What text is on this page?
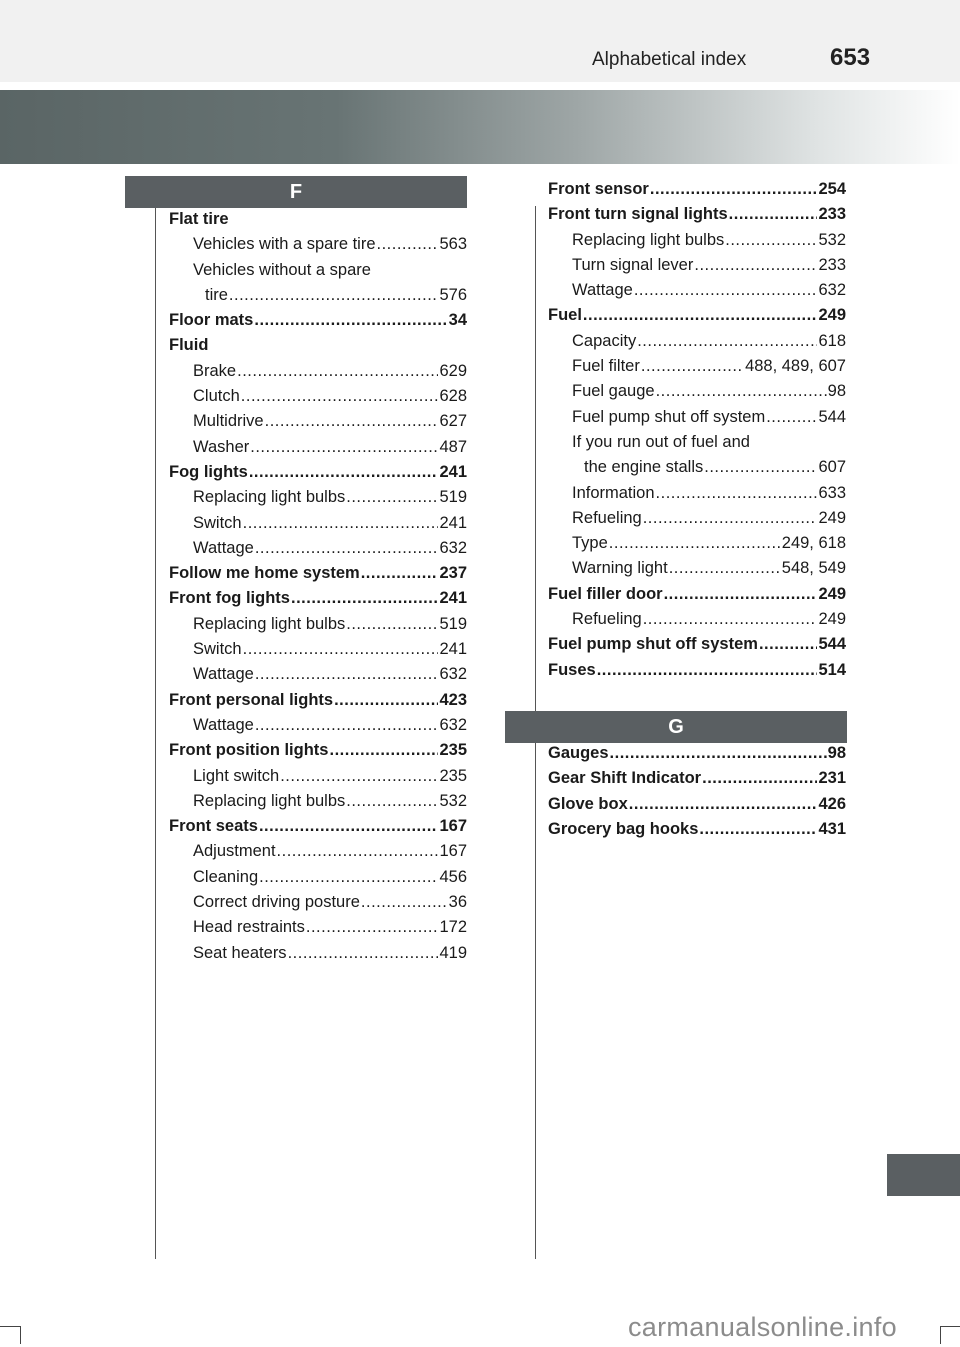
Alphabetical index	653
F
G
Flat tire
Vehicles with a spare tire .....	563
Vehicles without a spare
tire .....	576
Floor mats .....	34
Fluid
Brake .....	629
Clutch .....	628
Multidrive .....	627
Washer .....	487
Fog lights .....	241
Replacing light bulbs .....	519
Switch .....	241
Wattage .....	632
Follow me home system .....	237
Front fog lights .....	241
Replacing light bulbs .....	519
Switch .....	241
Wattage .....	632
Front personal lights .....	423
Wattage .....	632
Front position lights .....	235
Light switch .....	235
Replacing light bulbs .....	532
Front seats .....	167
Adjustment .....	167
Cleaning .....	456
Correct driving posture .....	36
Head restraints .....	172
Seat heaters .....	419
Front sensor .....	254
Front turn signal lights .....	233
Replacing light bulbs .....	532
Turn signal lever .....	233
Wattage .....	632
Fuel .....	249
Capacity .....	618
Fuel filter .....	488, 489, 607
Fuel gauge .....	98
Fuel pump shut off system .....	544
If you run out of fuel and
the engine stalls .....	607
Information .....	633
Refueling .....	249
Type .....	249, 618
Warning light .....	548, 549
Fuel filler door .....	249
Refueling .....	249
Fuel pump shut off system .....	544
Fuses .....	514
Gauges .....	98
Gear Shift Indicator .....	231
Glove box .....	426
Grocery bag hooks .....	431
carmanualsonline.info
